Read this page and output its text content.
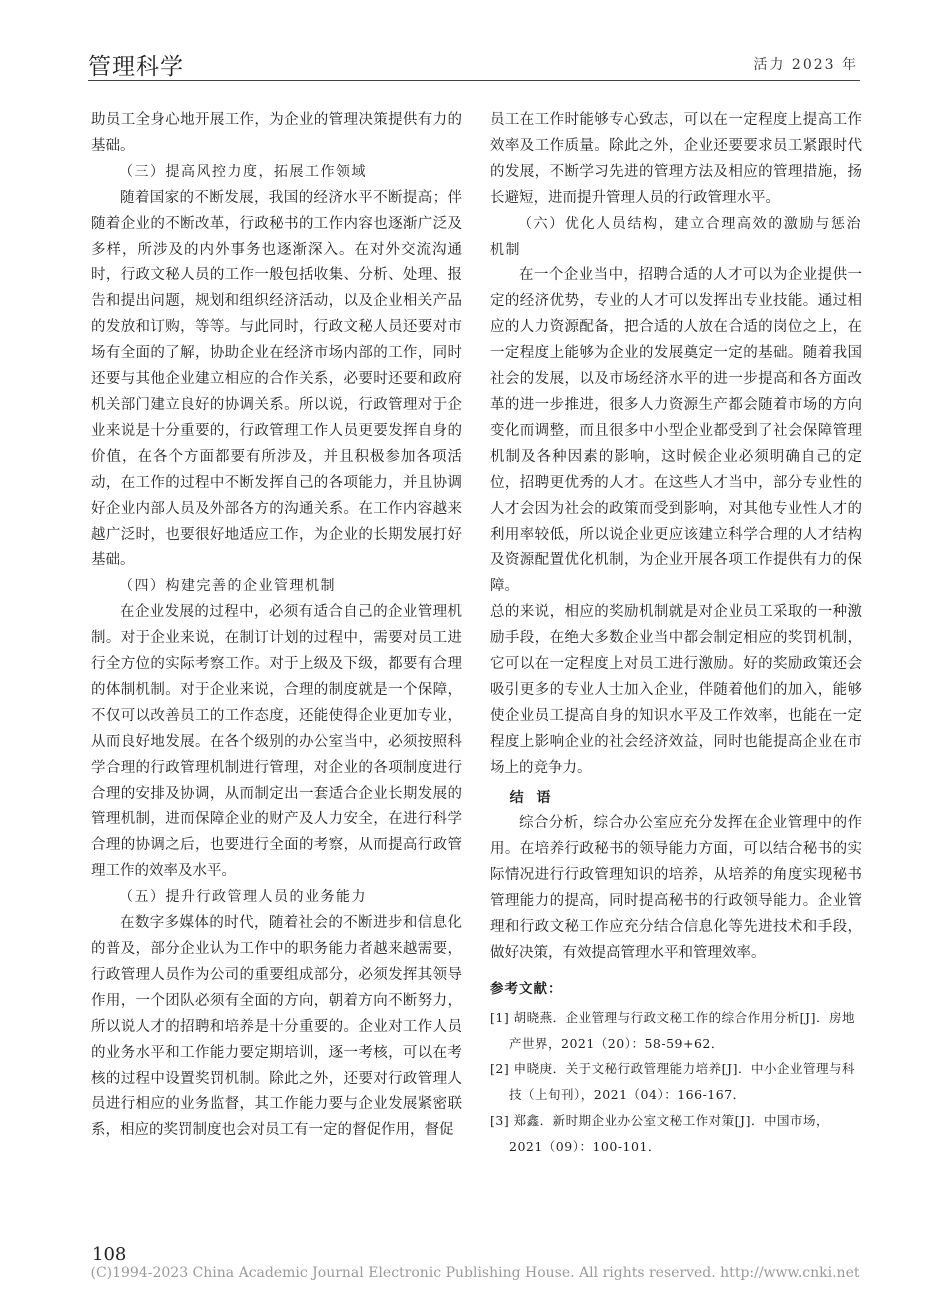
管理科学	活力 2023 年

助员工全身心地开展工作，为企业的管理决策提供有力的基础。

（三）提高风控力度，拓展工作领域

随着国家的不断发展，我国的经济水平不断提高；伴随着企业的不断改革，行政秘书的工作内容也逐渐广泛及多样，所涉及的内外事务也逐渐深入。在对外交流沟通时，行政文秘人员的工作一般包括收集、分析、处理、报告和提出问题，规划和组织经济活动，以及企业相关产品的发放和订购，等等。与此同时，行政文秘人员还要对市场有全面的了解，协助企业在经济市场内部的工作，同时还要与其他企业建立相应的合作关系，必要时还要和政府机关部门建立良好的协调关系。所以说，行政管理对于企业来说是十分重要的，行政管理工作人员更要发挥自身的价值，在各个方面都要有所涉及，并且积极参加各项活动，在工作的过程中不断发挥自己的各项能力，并且协调好企业内部人员及外部各方的沟通关系。在工作内容越来越广泛时，也要很好地适应工作，为企业的长期发展打好基础。

（四）构建完善的企业管理机制

在企业发展的过程中，必须有适合自己的企业管理机制。对于企业来说，在制订计划的过程中，需要对员工进行全方位的实际考察工作。对于上级及下级，都要有合理的体制机制。对于企业来说，合理的制度就是一个保障，不仅可以改善员工的工作态度，还能使得企业更加专业，从而良好地发展。在各个级别的办公室当中，必须按照科学合理的行政管理机制进行管理，对企业的各项制度进行合理的安排及协调，从而制定出一套适合企业长期发展的管理机制，进而保障企业的财产及人力安全，在进行科学合理的协调之后，也要进行全面的考察，从而提高行政管理工作的效率及水平。

（五）提升行政管理人员的业务能力

在数字多媒体的时代，随着社会的不断进步和信息化的普及，部分企业认为工作中的职务能力者越来越需要，行政管理人员作为公司的重要组成部分，必须发挥其领导作用，一个团队必须有全面的方向，朝着方向不断努力，所以说人才的招聘和培养是十分重要的。企业对工作人员的业务水平和工作能力要定期培训，逐一考核，可以在考核的过程中设置奖罚机制。除此之外，还要对行政管理人员进行相应的业务监督，其工作能力要与企业发展紧密联系，相应的奖罚制度也会对员工有一定的督促作用，督促

员工在工作时能够专心致志，可以在一定程度上提高工作效率及工作质量。除此之外，企业还要要求员工紧跟时代的发展，不断学习先进的管理方法及相应的管理措施，扬长避短，进而提升管理人员的行政管理水平。

（六）优化人员结构，建立合理高效的激励与惩治机制

在一个企业当中，招聘合适的人才可以为企业提供一定的经济优势，专业的人才可以发挥出专业技能。通过相应的人力资源配备，把合适的人放在合适的岗位之上，在一定程度上能够为企业的发展奠定一定的基础。随着我国社会的发展，以及市场经济水平的进一步提高和各方面改革的进一步推进，很多人力资源生产都会随着市场的方向变化而调整，而且很多中小型企业都受到了社会保障管理机制及各种因素的影响，这时候企业必须明确自己的定位，招聘更优秀的人才。在这些人才当中，部分专业性的人才会因为社会的政策而受到影响，对其他专业性人才的利用率较低，所以说企业更应该建立科学合理的人才结构及资源配置优化机制，为企业开展各项工作提供有力的保障。

总的来说，相应的奖励机制就是对企业员工采取的一种激励手段，在绝大多数企业当中都会制定相应的奖罚机制，它可以在一定程度上对员工进行激励。好的奖励政策还会吸引更多的专业人士加入企业，伴随着他们的加入，能够使企业员工提高自身的知识水平及工作效率，也能在一定程度上影响企业的社会经济效益，同时也能提高企业在市场上的竞争力。

结 语

综合分析，综合办公室应充分发挥在企业管理中的作用。在培养行政秘书的领导能力方面，可以结合秘书的实际情况进行行政管理知识的培养，从培养的角度实现秘书管理能力的提高，同时提高秘书的行政领导能力。企业管理和行政文秘工作应充分结合信息化等先进技术和手段，做好决策，有效提高管理水平和管理效率。

参考文献：
[1] 胡晓燕．企业管理与行政文秘工作的综合作用分析[J]．房地产世界，2021（20）：58-59+62．
[2] 申晓庚．关于文秘行政管理能力培养[J]．中小企业管理与科技（上旬刊），2021（04）：166-167．
[3] 郑鑫．新时期企业办公室文秘工作对策[J]．中国市场，2021（09）：100-101．
108
(C)1994-2023 China Academic Journal Electronic Publishing House. All rights reserved. http://www.cnki.net
